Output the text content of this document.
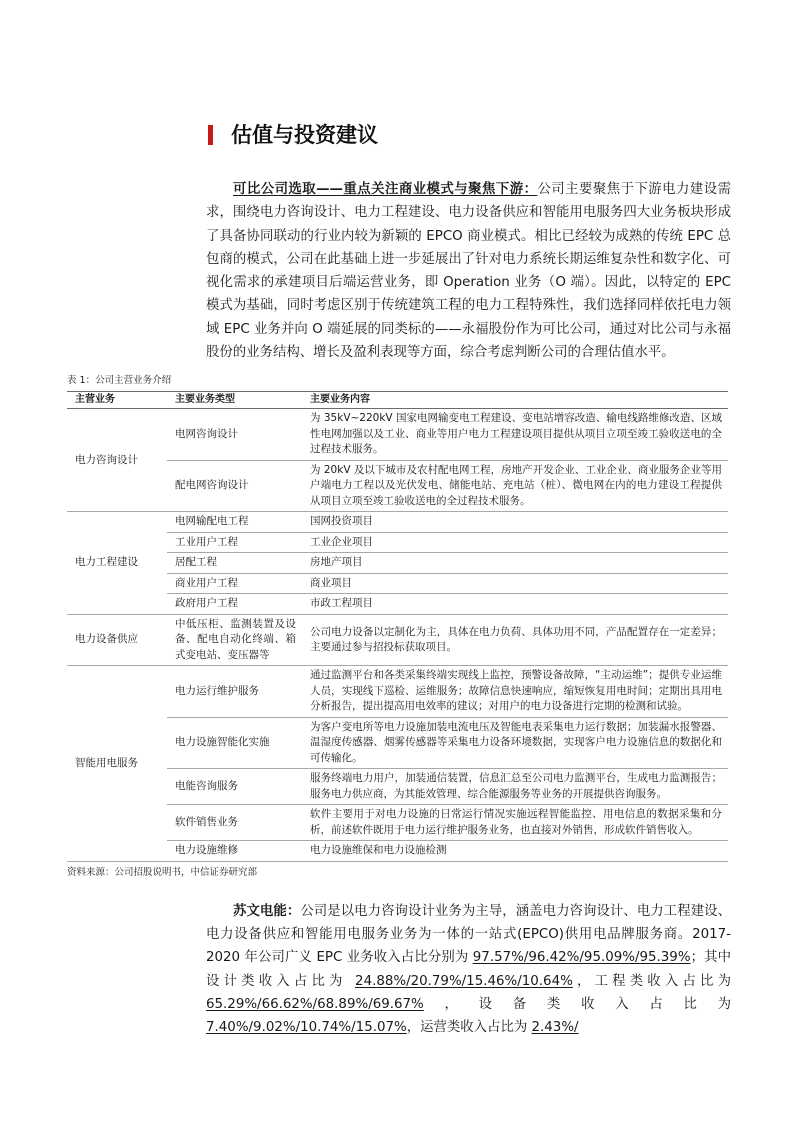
估值与投资建议

可比公司选取——重点关注商业模式与聚焦下游：公司主要聚焦于下游电力建设需求，围绕电力咨询设计、电力工程建设、电力设备供应和智能用电服务四大业务板块形成了具备协同联动的行业内较为新颖的 EPCO 商业模式。相比已经较为成熟的传统 EPC 总包商的模式，公司在此基础上进一步延展出了针对电力系统长期运维复杂性和数字化、可视化需求的承建项目后端运营业务，即 Operation 业务（O 端）。因此，以特定的 EPC 模式为基础，同时考虑区别于传统建筑工程的电力工程特殊性，我们选择同样依托电力领域 EPC 业务并向 O 端延展的同类标的——永福股份作为可比公司，通过对比公司与永福股份的业务结构、增长及盈利表现等方面，综合考虑判断公司的合理估值水平。

表 1：公司主营业务介绍
主营业务	主要业务类型	主要业务内容
电力咨询设计	电网咨询设计	为 35kV~220kV 国家电网输变电工程建设、变电站增容改造、输电线路维修改造、区域性电网加强以及工业、商业等用户电力工程建设项目提供从项目立项至竣工验收送电的全过程技术服务。
	配电网咨询设计	为 20kV 及以下城市及农村配电网工程，房地产开发企业、工业企业、商业服务企业等用户端电力工程以及光伏发电、储能电站、充电站（桩）、微电网在内的电力建设工程提供从项目立项至竣工验收送电的全过程技术服务。
电力工程建设	电网输配电工程	国网投资项目
	工业用户工程	工业企业项目
	居配工程	房地产项目
	商业用户工程	商业项目
	政府用户工程	市政工程项目
电力设备供应	中低压柜、监测装置及设备、配电自动化终端、箱式变电站、变压器等	公司电力设备以定制化为主，具体在电力负荷、具体功用不同，产品配置存在一定差异；主要通过参与招投标获取项目。
智能用电服务	电力运行维护服务	通过监测平台和各类采集终端实现线上监控，预警设备故障，“主动运维”；提供专业运维人员，实现线下巡检、运维服务；故障信息快速响应，缩短恢复用电时间；定期出具用电分析报告，提出提高用电效率的建议；对用户的电力设备进行定期的检测和试验。
	电力设施智能化实施	为客户变电所等电力设施加装电流电压及智能电表采集电力运行数据；加装漏水报警器、温湿度传感器、烟雾传感器等采集电力设备环境数据，实现客户电力设施信息的数据化和可传输化。
	电能咨询服务	服务终端电力用户，加装通信装置，信息汇总至公司电力监测平台，生成电力监测报告；服务电力供应商，为其能效管理、综合能源服务等业务的开展提供咨询服务。
	软件销售业务	软件主要用于对电力设施的日常运行情况实施远程智能监控、用电信息的数据采集和分析，前述软件既用于电力运行维护服务业务，也直接对外销售，形成软件销售收入。
	电力设施维修	电力设施维保和电力设施检测
资料来源：公司招股说明书，中信证券研究部

苏文电能：公司是以电力咨询设计业务为主导，涵盖电力咨询设计、电力工程建设、电力设备供应和智能用电服务业务为一体的一站式(EPCO)供用电品牌服务商。2017-2020 年公司广义 EPC 业务收入占比分别为 97.57%/96.42%/95.09%/95.39%；其中设计类收入占比为 24.88%/20.79%/15.46%/10.64%，工程类收入占比为 65.29%/66.62%/68.89%/69.67%，设备类收入占比为 7.40%/9.02%/10.74%/15.07%，运营类收入占比为 2.43%/
